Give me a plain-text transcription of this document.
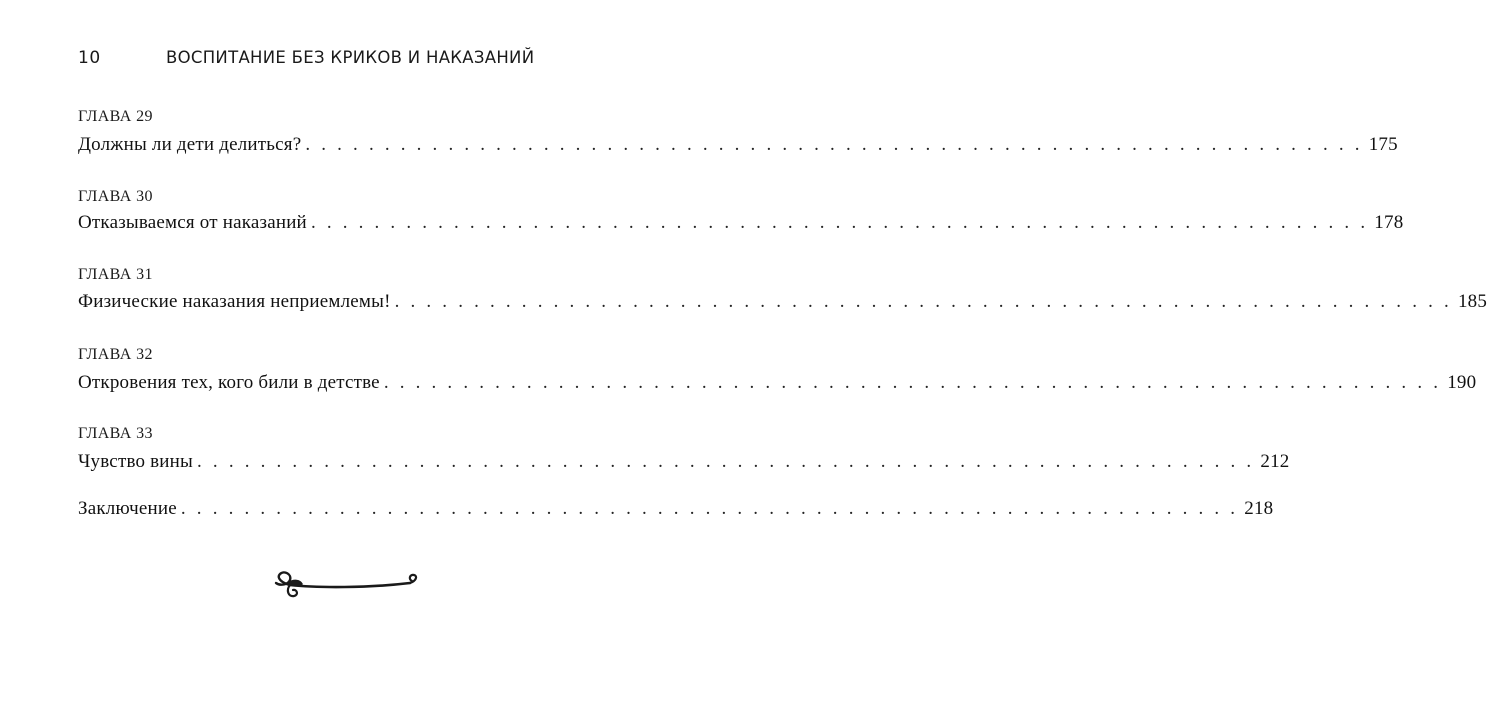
10	ВОСПИТАНИЕ БЕЗ КРИКОВ И НАКАЗАНИЙ
ГЛАВА 29
Должны ли дети делиться? . . . . . . . . . . . . . . . . . . . . . . . . . . . . . . . . . . . . . . . . . . . . . . . . . . . . . . . . . . . . . . . . . . . 175
ГЛАВА 30
Отказываемся от наказаний . . . . . . . . . . . . . . . . . . . . . . . . . . . . . . . . . . . . . . . . . . . . . . . . . . . . . . . . . . . . . . . . . . . 178
ГЛАВА 31
Физические наказания неприемлемы! . . . . . . . . . . . . . . . . . . . . . . . . . . . . . . . . . . . . . . . . . . . . . . . . . . . . . . . . . . . . . . . . . . . 185
ГЛАВА 32
Откровения тех, кого били в детстве . . . . . . . . . . . . . . . . . . . . . . . . . . . . . . . . . . . . . . . . . . . . . . . . . . . . . . . . . . . . . . . . . . . 190
ГЛАВА 33
Чувство вины . . . . . . . . . . . . . . . . . . . . . . . . . . . . . . . . . . . . . . . . . . . . . . . . . . . . . . . . . . . . . . . . . . . 212
Заключение . . . . . . . . . . . . . . . . . . . . . . . . . . . . . . . . . . . . . . . . . . . . . . . . . . . . . . . . . . . . . . . . . . . 218
